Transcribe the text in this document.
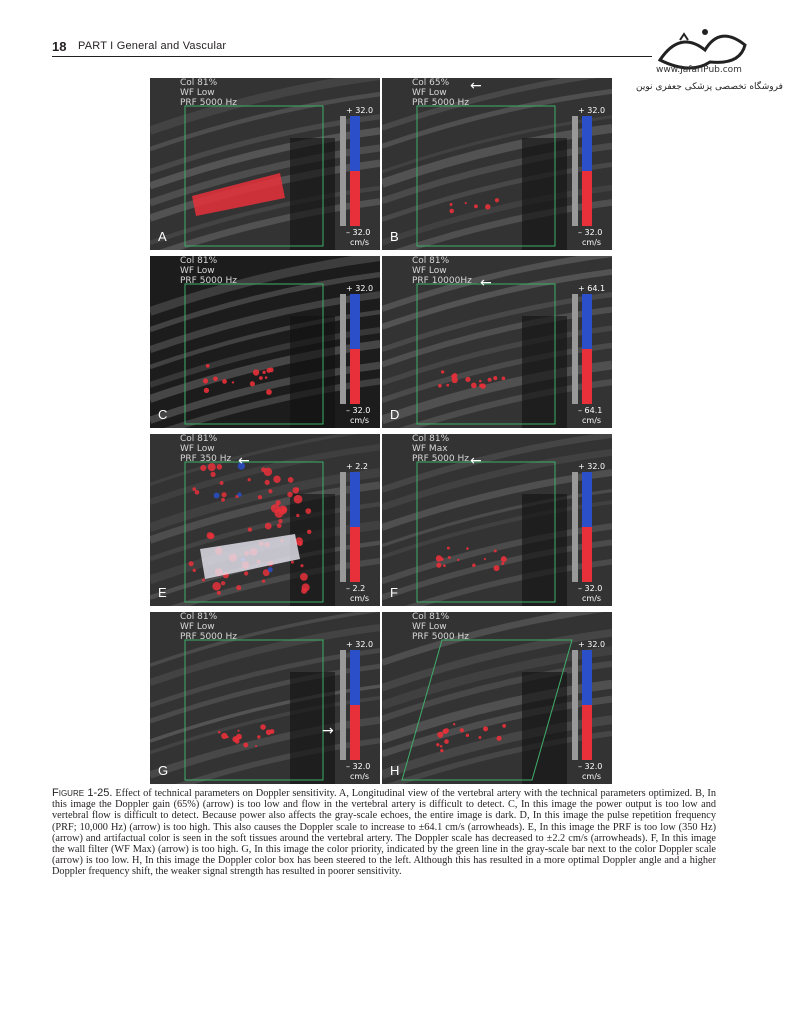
18 PART I General and Vascular
www.JafariPub.com
فروشگاه تخصصی پزشکی جعفری نوین
Col 81%
WF Low
PRF 5000 Hz
+ 32.0
– 32.0
cm/s
A
Col 65%
WF Low
PRF 5000 Hz
+ 32.0
– 32.0
cm/s
←
B
Col 81%
WF Low
PRF 5000 Hz
+ 32.0
– 32.0
cm/s
C
Col 81%
WF Low
PRF 10000Hz
+ 64.1
– 64.1
cm/s
←
D
Col 81%
WF Low
PRF 350 Hz
+ 2.2
– 2.2
cm/s
←
E
Col 81%
WF Max
PRF 5000 Hz
+ 32.0
– 32.0
cm/s
←
F
Col 81%
WF Low
PRF 5000 Hz
+ 32.0
– 32.0
cm/s
→
G
Col 81%
WF Low
PRF 5000 Hz
+ 32.0
– 32.0
cm/s
H
Figure 1-25. Effect of technical parameters on Doppler sensitivity. A, Longitudinal view of the vertebral artery with the technical parameters optimized. B, In this image the Doppler gain (65%) (arrow) is too low and flow in the vertebral artery is difficult to detect. C, In this image the power output is too low and vertebral flow is difficult to detect. Because power also affects the gray-scale echoes, the entire image is dark. D, In this image the pulse repetition frequency (PRF; 10,000 Hz) (arrow) is too high. This also causes the Doppler scale to increase to ±64.1 cm/s (arrowheads). E, In this image the PRF is too low (350 Hz) (arrow) and artifactual color is seen in the soft tissues around the vertebral artery. The Doppler scale has decreased to ±2.2 cm/s (arrowheads). F, In this image the wall filter (WF Max) (arrow) is too high. G, In this image the color priority, indicated by the green line in the gray-scale bar next to the color Doppler scale (arrow) is too low. H, In this image the Doppler color box has been steered to the left. Although this has resulted in a more optimal Doppler angle and a higher Doppler frequency shift, the weaker signal strength has resulted in poorer sensitivity.
